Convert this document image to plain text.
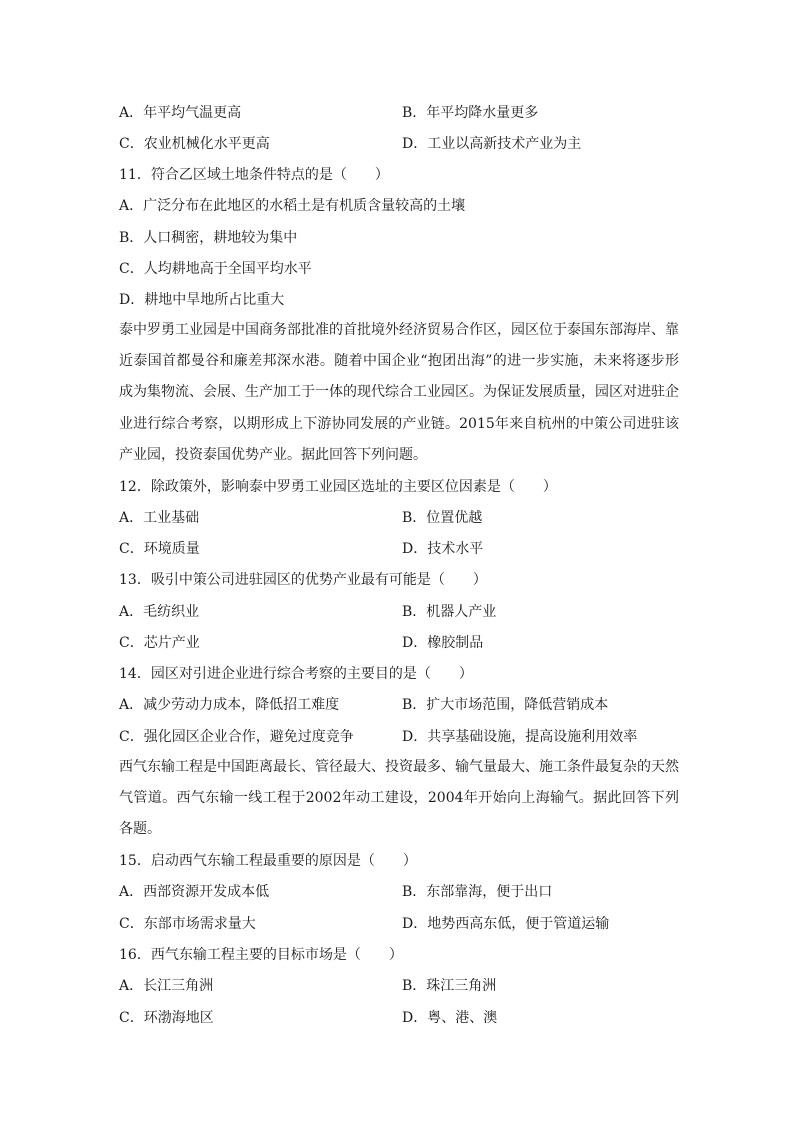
A．年平均气温更高	B．年平均降水量更多
C．农业机械化水平更高	D．工业以高新技术产业为主
11．符合乙区域土地条件特点的是（　　）
A．广泛分布在此地区的水稻土是有机质含量较高的土壤
B．人口稠密，耕地较为集中
C．人均耕地高于全国平均水平
D．耕地中旱地所占比重大
泰中罗勇工业园是中国商务部批准的首批境外经济贸易合作区，园区位于泰国东部海岸、靠近泰国首都曼谷和廉差邦深水港。随着中国企业“抱团出海”的进一步实施，未来将逐步形成为集物流、会展、生产加工于一体的现代综合工业园区。为保证发展质量，园区对进驻企业进行综合考察，以期形成上下游协同发展的产业链。2015年来自杭州的中策公司进驻该产业园，投资泰国优势产业。据此回答下列问题。
12．除政策外，影响泰中罗勇工业园区选址的主要区位因素是（　　）
A．工业基础	B．位置优越
C．环境质量	D．技术水平
13．吸引中策公司进驻园区的优势产业最有可能是（　　）
A．毛纺织业	B．机器人产业
C．芯片产业	D．橡胶制品
14．园区对引进企业进行综合考察的主要目的是（　　）
A．减少劳动力成本，降低招工难度	B．扩大市场范围，降低营销成本
C．强化园区企业合作，避免过度竞争	D．共享基础设施，提高设施利用效率
西气东输工程是中国距离最长、管径最大、投资最多、输气量最大、施工条件最复杂的天然气管道。西气东输一线工程于2002年动工建设，2004年开始向上海输气。据此回答下列各题。
15．启动西气东输工程最重要的原因是（　　）
A．西部资源开发成本低	B．东部靠海，便于出口
C．东部市场需求量大	D．地势西高东低，便于管道运输
16．西气东输工程主要的目标市场是（　　）
A．长江三角洲	B．珠江三角洲
C．环渤海地区	D．粤、港、澳
